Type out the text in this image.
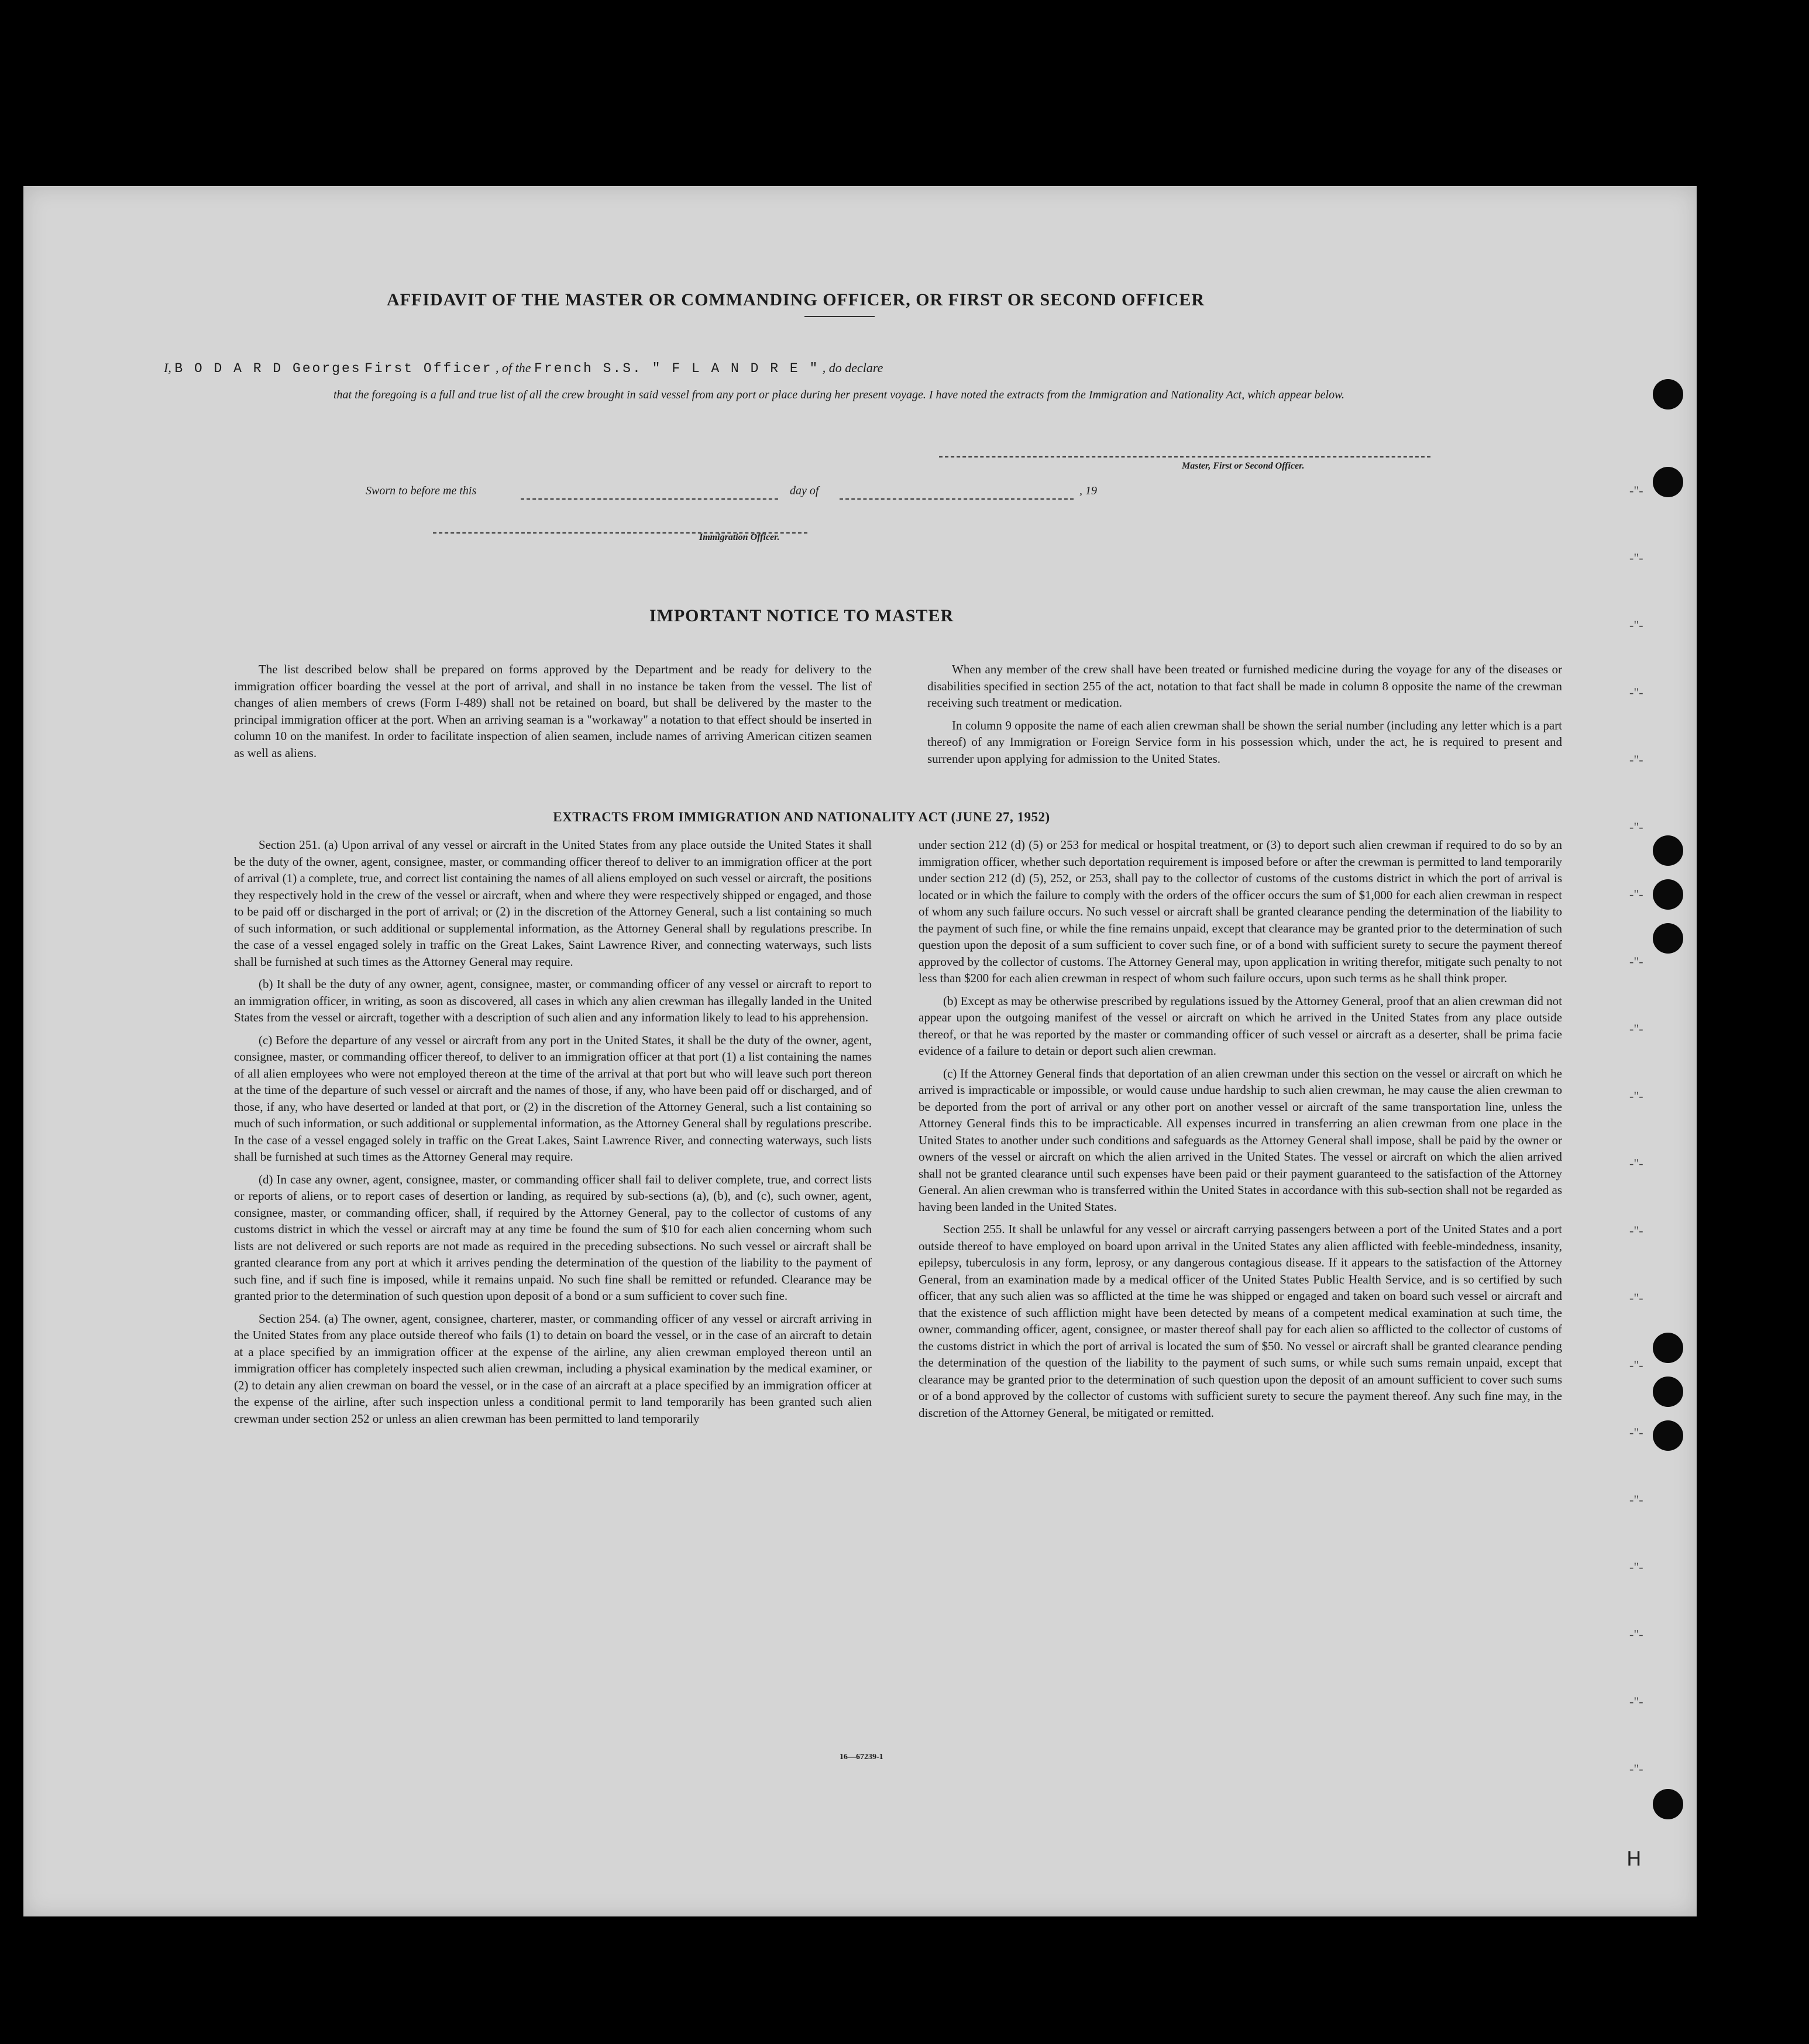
-"-
-"-
-"-
-"-
-"-
-"-
-"-
-"-
-"-
-"-
-"-
-"-
-"-
-"-
-"-
-"-
-"-
-"-
-"-
-"-
AFFIDAVIT OF THE MASTER OR COMMANDING OFFICER, OR FIRST OR SECOND OFFICER
I, B O D A R D Georges First Officer , of the French S.S. " F L A N D R E " , do declare
that the foregoing is a full and true list of all the crew brought in said vessel from any port or place during her present voyage. I have noted the extracts from the Immigration and Nationality Act, which appear below.
Master, First or Second Officer.
Sworn to before me this	day of	, 19
Immigration Officer.
IMPORTANT NOTICE TO MASTER

The list described below shall be prepared on forms approved by the Department and be ready for delivery to the immigration officer boarding the vessel at the port of arrival, and shall in no instance be taken from the vessel. The list of changes of alien members of crews (Form I-489) shall not be retained on board, but shall be delivered by the master to the principal immigration officer at the port. When an arriving seaman is a "workaway" a notation to that effect should be inserted in column 10 on the manifest. In order to facilitate inspection of alien seamen, include names of arriving American citizen seamen as well as aliens.

When any member of the crew shall have been treated or furnished medicine during the voyage for any of the diseases or disabilities specified in section 255 of the act, notation to that fact shall be made in column 8 opposite the name of the crewman receiving such treatment or medication.

In column 9 opposite the name of each alien crewman shall be shown the serial number (including any letter which is a part thereof) of any Immigration or Foreign Service form in his possession which, under the act, he is required to present and surrender upon applying for admission to the United States.

EXTRACTS FROM IMMIGRATION AND NATIONALITY ACT (JUNE 27, 1952)

Section 251. (a) Upon arrival of any vessel or aircraft in the United States from any place outside the United States it shall be the duty of the owner, agent, consignee, master, or commanding officer thereof to deliver to an immigration officer at the port of arrival (1) a complete, true, and correct list containing the names of all aliens employed on such vessel or aircraft, the positions they respectively hold in the crew of the vessel or aircraft, when and where they were respectively shipped or engaged, and those to be paid off or discharged in the port of arrival; or (2) in the discretion of the Attorney General, such a list containing so much of such information, or such additional or supplemental information, as the Attorney General shall by regulations prescribe. In the case of a vessel engaged solely in traffic on the Great Lakes, Saint Lawrence River, and connecting waterways, such lists shall be furnished at such times as the Attorney General may require.

(b) It shall be the duty of any owner, agent, consignee, master, or commanding officer of any vessel or aircraft to report to an immigration officer, in writing, as soon as discovered, all cases in which any alien crewman has illegally landed in the United States from the vessel or aircraft, together with a description of such alien and any information likely to lead to his apprehension.

(c) Before the departure of any vessel or aircraft from any port in the United States, it shall be the duty of the owner, agent, consignee, master, or commanding officer thereof, to deliver to an immigration officer at that port (1) a list containing the names of all alien employees who were not employed thereon at the time of the arrival at that port but who will leave such port thereon at the time of the departure of such vessel or aircraft and the names of those, if any, who have been paid off or discharged, and of those, if any, who have deserted or landed at that port, or (2) in the discretion of the Attorney General, such a list containing so much of such information, or such additional or supplemental information, as the Attorney General shall by regulations prescribe. In the case of a vessel engaged solely in traffic on the Great Lakes, Saint Lawrence River, and connecting waterways, such lists shall be furnished at such times as the Attorney General may require.

(d) In case any owner, agent, consignee, master, or commanding officer shall fail to deliver complete, true, and correct lists or reports of aliens, or to report cases of desertion or landing, as required by sub-sections (a), (b), and (c), such owner, agent, consignee, master, or commanding officer, shall, if required by the Attorney General, pay to the collector of customs of any customs district in which the vessel or aircraft may at any time be found the sum of $10 for each alien concerning whom such lists are not delivered or such reports are not made as required in the preceding subsections. No such vessel or aircraft shall be granted clearance from any port at which it arrives pending the determination of the question of the liability to the payment of such fine, and if such fine is imposed, while it remains unpaid. No such fine shall be remitted or refunded. Clearance may be granted prior to the determination of such question upon deposit of a bond or a sum sufficient to cover such fine.

Section 254. (a) The owner, agent, consignee, charterer, master, or commanding officer of any vessel or aircraft arriving in the United States from any place outside thereof who fails (1) to detain on board the vessel, or in the case of an aircraft to detain at a place specified by an immigration officer at the expense of the airline, any alien crewman employed thereon until an immigration officer has completely inspected such alien crewman, including a physical examination by the medical examiner, or (2) to detain any alien crewman on board the vessel, or in the case of an aircraft at a place specified by an immigration officer at the expense of the airline, after such inspection unless a conditional permit to land temporarily has been granted such alien crewman under section 252 or unless an alien crewman has been permitted to land temporarily

under section 212 (d) (5) or 253 for medical or hospital treatment, or (3) to deport such alien crewman if required to do so by an immigration officer, whether such deportation requirement is imposed before or after the crewman is permitted to land temporarily under section 212 (d) (5), 252, or 253, shall pay to the collector of customs of the customs district in which the port of arrival is located or in which the failure to comply with the orders of the officer occurs the sum of $1,000 for each alien crewman in respect of whom any such failure occurs. No such vessel or aircraft shall be granted clearance pending the determination of the liability to the payment of such fine, or while the fine remains unpaid, except that clearance may be granted prior to the determination of such question upon the deposit of a sum sufficient to cover such fine, or of a bond with sufficient surety to secure the payment thereof approved by the collector of customs. The Attorney General may, upon application in writing therefor, mitigate such penalty to not less than $200 for each alien crewman in respect of whom such failure occurs, upon such terms as he shall think proper.

(b) Except as may be otherwise prescribed by regulations issued by the Attorney General, proof that an alien crewman did not appear upon the outgoing manifest of the vessel or aircraft on which he arrived in the United States from any place outside thereof, or that he was reported by the master or commanding officer of such vessel or aircraft as a deserter, shall be prima facie evidence of a failure to detain or deport such alien crewman.

(c) If the Attorney General finds that deportation of an alien crewman under this section on the vessel or aircraft on which he arrived is impracticable or impossible, or would cause undue hardship to such alien crewman, he may cause the alien crewman to be deported from the port of arrival or any other port on another vessel or aircraft of the same transportation line, unless the Attorney General finds this to be impracticable. All expenses incurred in transferring an alien crewman from one place in the United States to another under such conditions and safeguards as the Attorney General shall impose, shall be paid by the owner or owners of the vessel or aircraft on which the alien arrived in the United States. The vessel or aircraft on which the alien arrived shall not be granted clearance until such expenses have been paid or their payment guaranteed to the satisfaction of the Attorney General. An alien crewman who is transferred within the United States in accordance with this sub-section shall not be regarded as having been landed in the United States.

Section 255. It shall be unlawful for any vessel or aircraft carrying passengers between a port of the United States and a port outside thereof to have employed on board upon arrival in the United States any alien afflicted with feeble-mindedness, insanity, epilepsy, tuberculosis in any form, leprosy, or any dangerous contagious disease. If it appears to the satisfaction of the Attorney General, from an examination made by a medical officer of the United States Public Health Service, and is so certified by such officer, that any such alien was so afflicted at the time he was shipped or engaged and taken on board such vessel or aircraft and that the existence of such affliction might have been detected by means of a competent medical examination at such time, the owner, commanding officer, agent, consignee, or master thereof shall pay for each alien so afflicted to the collector of customs of the customs district in which the port of arrival is located the sum of $50. No vessel or aircraft shall be granted clearance pending the determination of the question of the liability to the payment of such sums, or while such sums remain unpaid, except that clearance may be granted prior to the determination of such question upon the deposit of an amount sufficient to cover such sums or of a bond approved by the collector of customs with sufficient surety to secure the payment thereof. Any such fine may, in the discretion of the Attorney General, be mitigated or remitted.

16—67239-1
H
